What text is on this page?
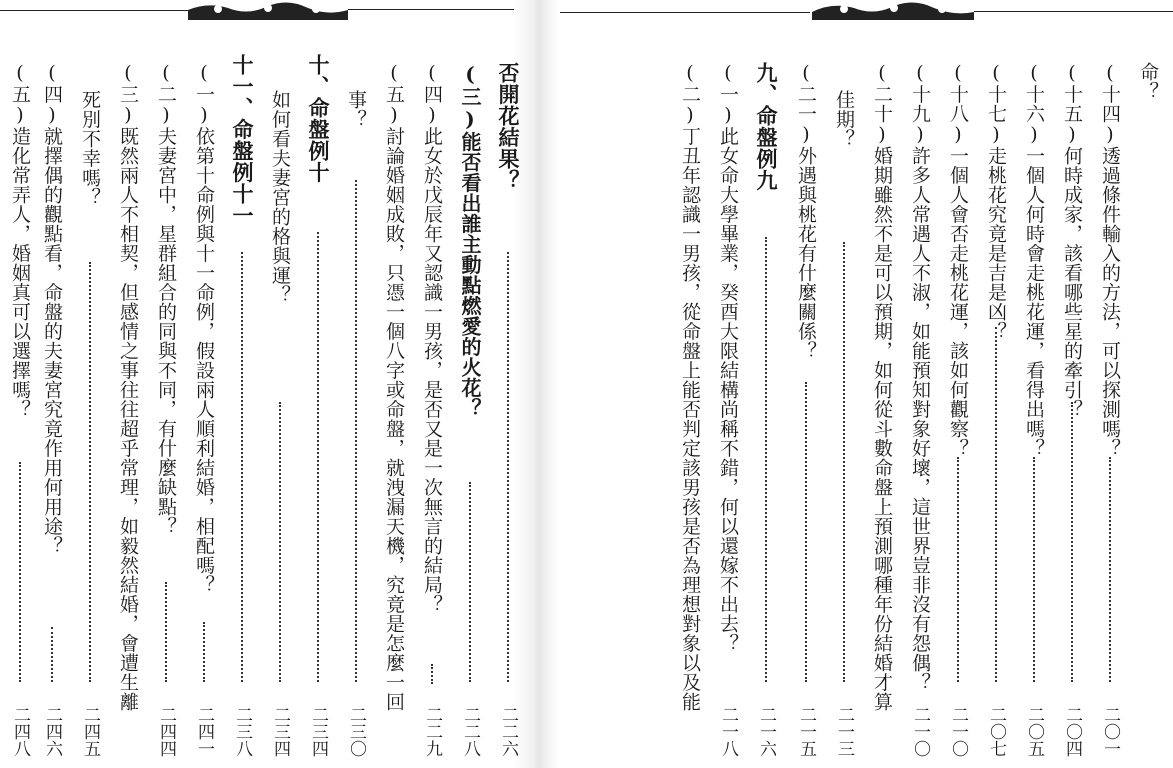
命？
(十四)透過條件輸入的方法，可以探測嗎？
二〇一
(十五)何時成家，該看哪些星的牽引？
二〇四
(十六)一個人何時會走桃花運，看得出嗎？
二〇五
(十七)走桃花究竟是吉是凶？
二〇七
(十八)一個人會否走桃花運，該如何觀察？
二一〇
(十九)許多人常遇人不淑，如能預知對象好壞，這世界豈非沒有怨偶？
二一〇
(二十)婚期雖然不是可以預期，如何從斗數命盤上預測哪種年份結婚才算
佳期？
二一三
(二一)外遇與桃花有什麼關係？
二一五
九、命盤例九
二一六
(一)此女命大學畢業，癸酉大限結構尚稱不錯，何以還嫁不出去？
二一八
(二)丁丑年認識一男孩，從命盤上能否判定該男孩是否為理想對象以及能
否開花結果？
二二六
(三)能否看出誰主動點燃愛的火花？
二二八
(四)此女於戊辰年又認識一男孩，是否又是一次無言的結局？
二二九
(五)討論婚姻成敗，只憑一個八字或命盤，就洩漏天機，究竟是怎麼一回
事？
二三〇
十、命盤例十
二三四
如何看夫妻宮的格與運？
二三四
十一、命盤例十一
二三八
(一)依第十命例與十一命例，假設兩人順利結婚，相配嗎？
二四一
(二)夫妻宮中，星群組合的同與不同，有什麼缺點？
二四四
(三)既然兩人不相契，但感情之事往往超乎常理，如毅然結婚，會遭生離
死別不幸嗎？
二四五
(四)就擇偶的觀點看，命盤的夫妻宮究竟作用何用途？
二四六
(五)造化常弄人，婚姻真可以選擇嗎？
二四八
